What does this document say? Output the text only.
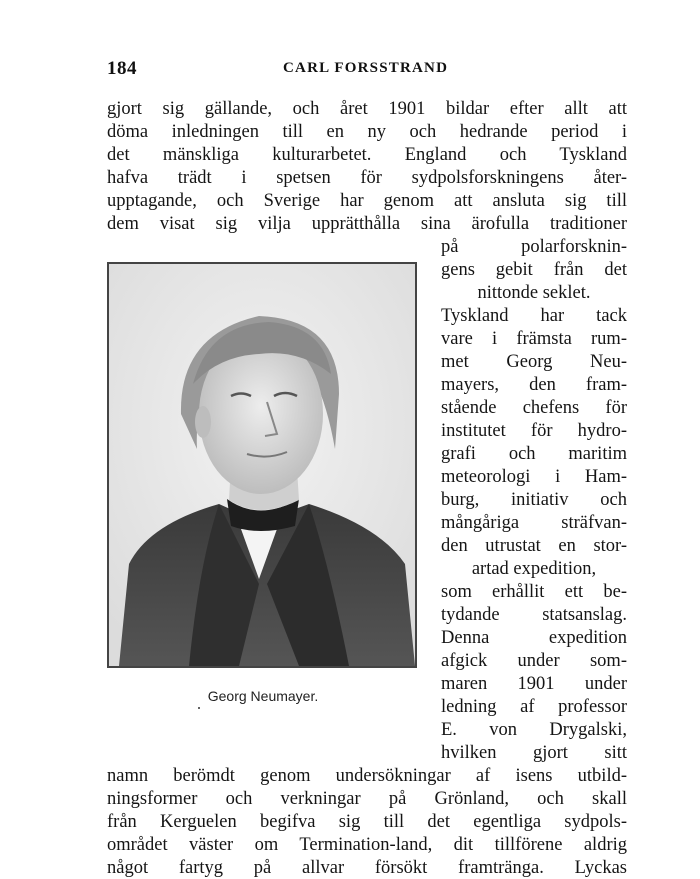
184	CARL FORSSTRAND
gjort sig gällande, och året 1901 bildar efter allt att
döma inledningen till en ny och hedrande period i
det mänskliga kulturarbetet. England och Tyskland
hafva trädt i spetsen för sydpolsforskningens åter-
upptagande, och Sverige har genom att ansluta sig till
dem visat sig vilja upprätthålla sina ärofulla traditioner
på polarforsknin-
gens gebit från det
nittonde seklet.
Tyskland har tack
vare i främsta rum-
met Georg Neu-
mayers, den fram-
stående chefens för
institutet för hydro-
grafi och maritim
meteorologi i Ham-
burg, initiativ och
mångåriga sträfvan-
den utrustat en stor-
artad expedition,
som erhållit ett be-
tydande statsanslag.
Denna expedition
afgick under som-
maren 1901 under
ledning af professor
E. von Drygalski,
hvilken gjort sitt
namn berömdt genom undersökningar af isens utbild-
ningsformer och verkningar på Grönland, och skall
från Kerguelen begifva sig till det egentliga sydpols-
området väster om Termination-land, dit tillförene aldrig
något fartyg på allvar försökt framtränga. Lyckas
Georg Neumayer.
